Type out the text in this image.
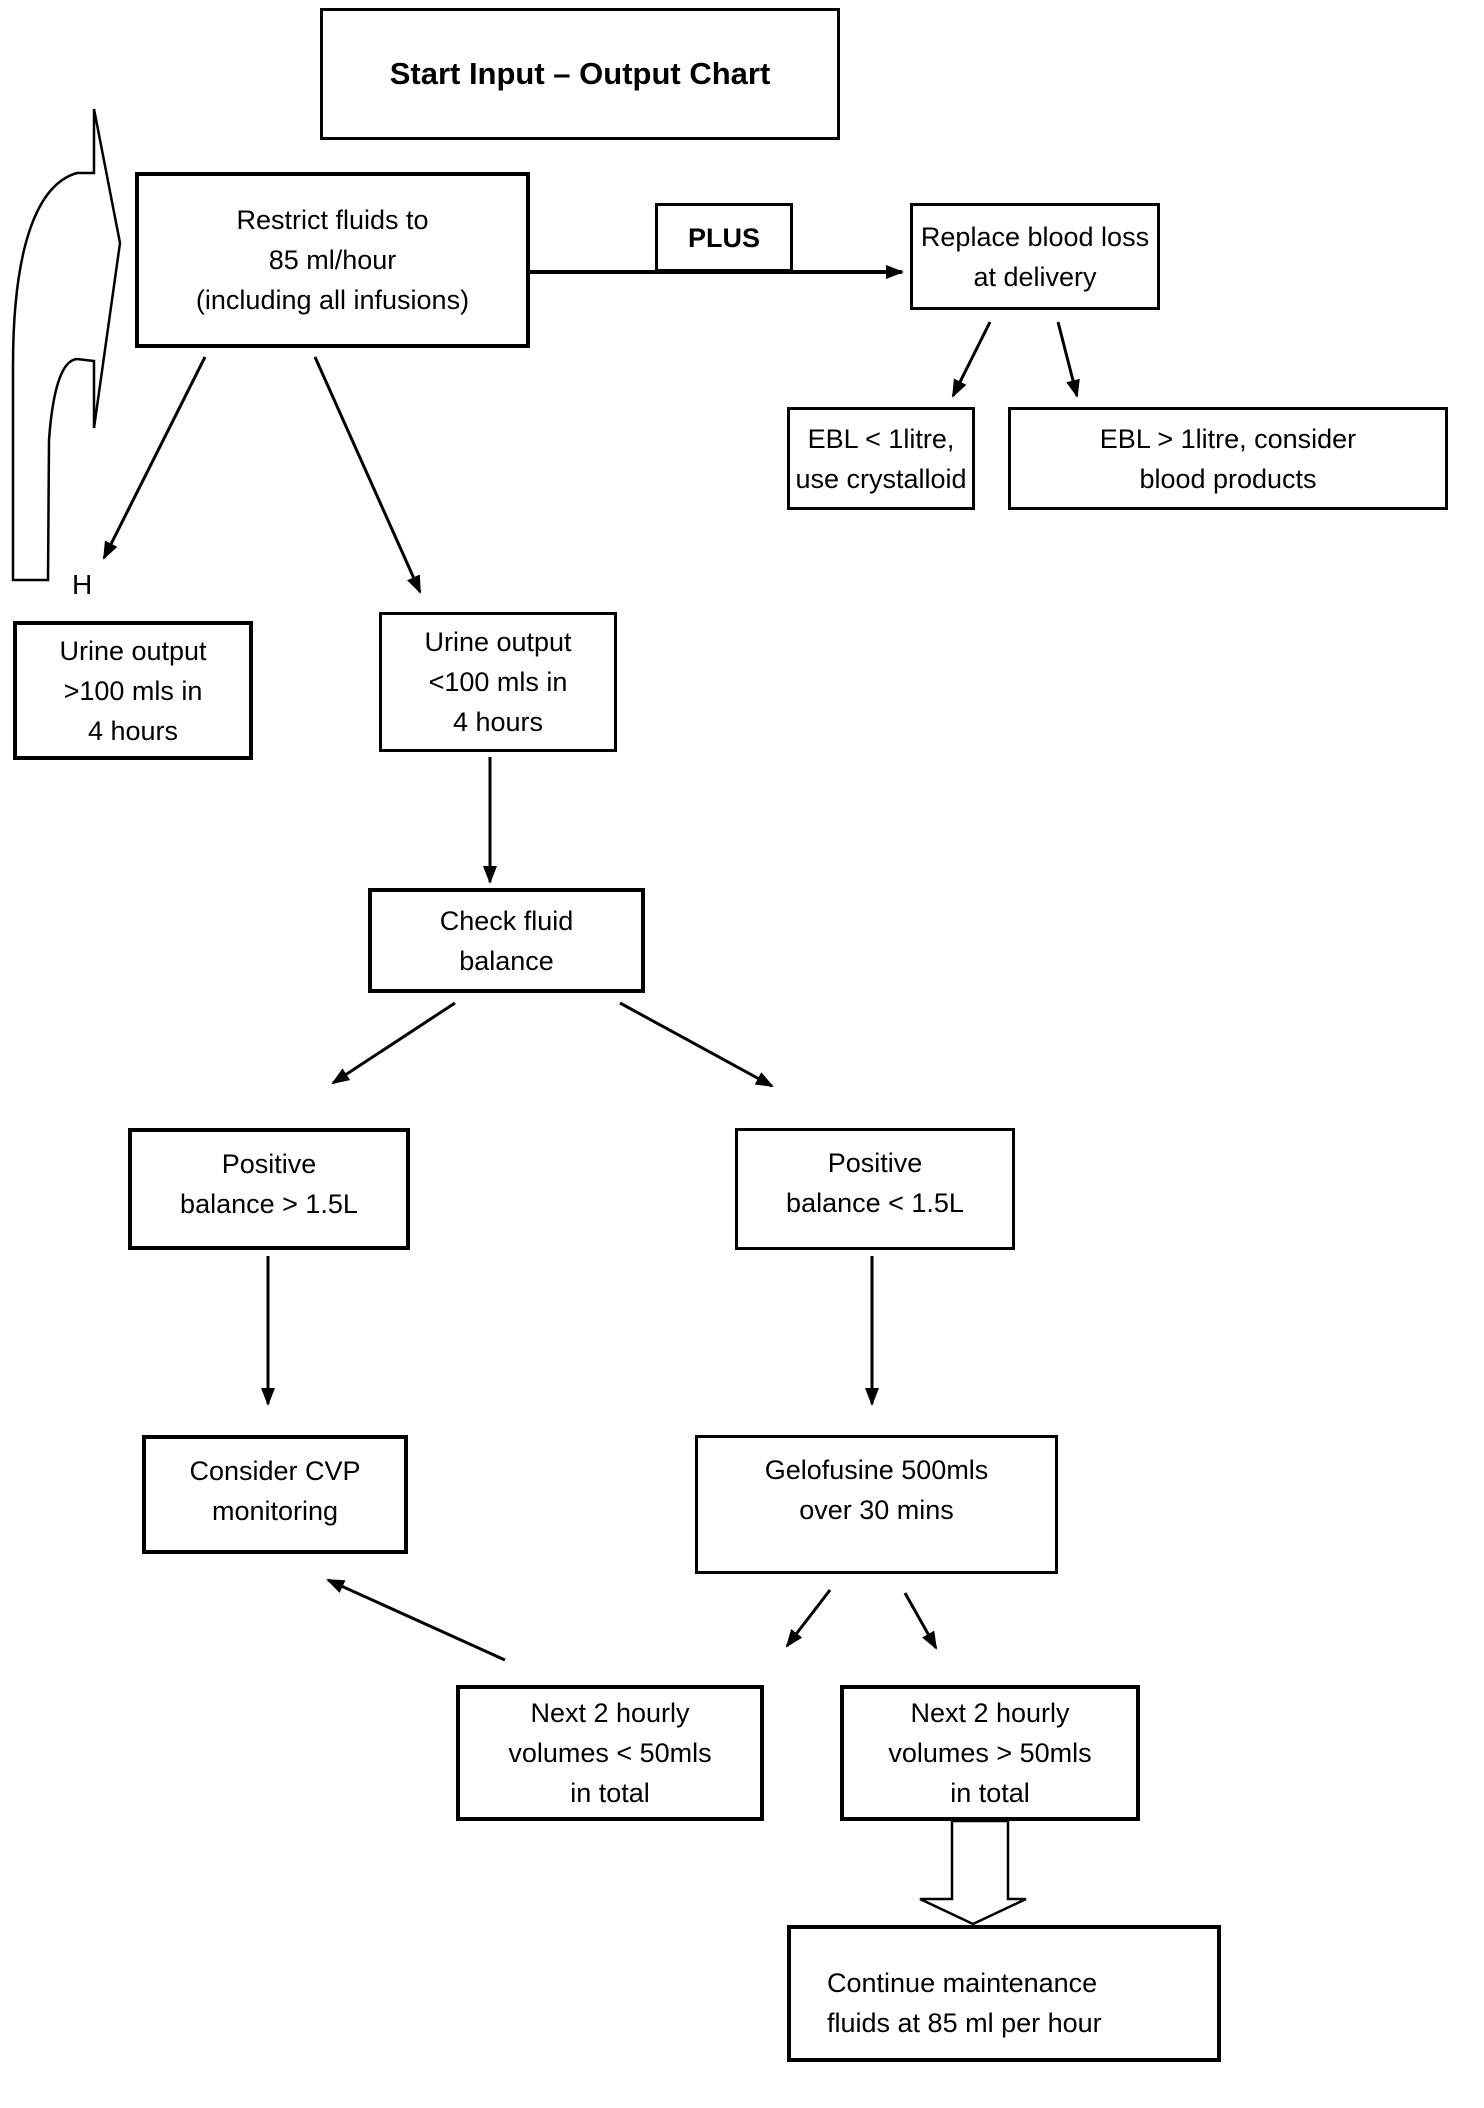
Start Input – Output Chart
Restrict fluids to
85 ml/hour
(including all infusions)
PLUS	Replace blood loss
at delivery
EBL < 1litre,
use crystalloid
EBL > 1litre, consider
blood products
H
Urine output
>100 mls in
4 hours
Urine output
<100 mls in
4 hours
Check fluid
balance
Positive
balance > 1.5L
Positive
balance < 1.5L
Consider CVP
monitoring
Gelofusine 500mls
over 30 mins
Next 2 hourly
volumes < 50mls
in total
Next 2 hourly
volumes > 50mls
in total
Continue maintenance
fluids at 85 ml per hour
